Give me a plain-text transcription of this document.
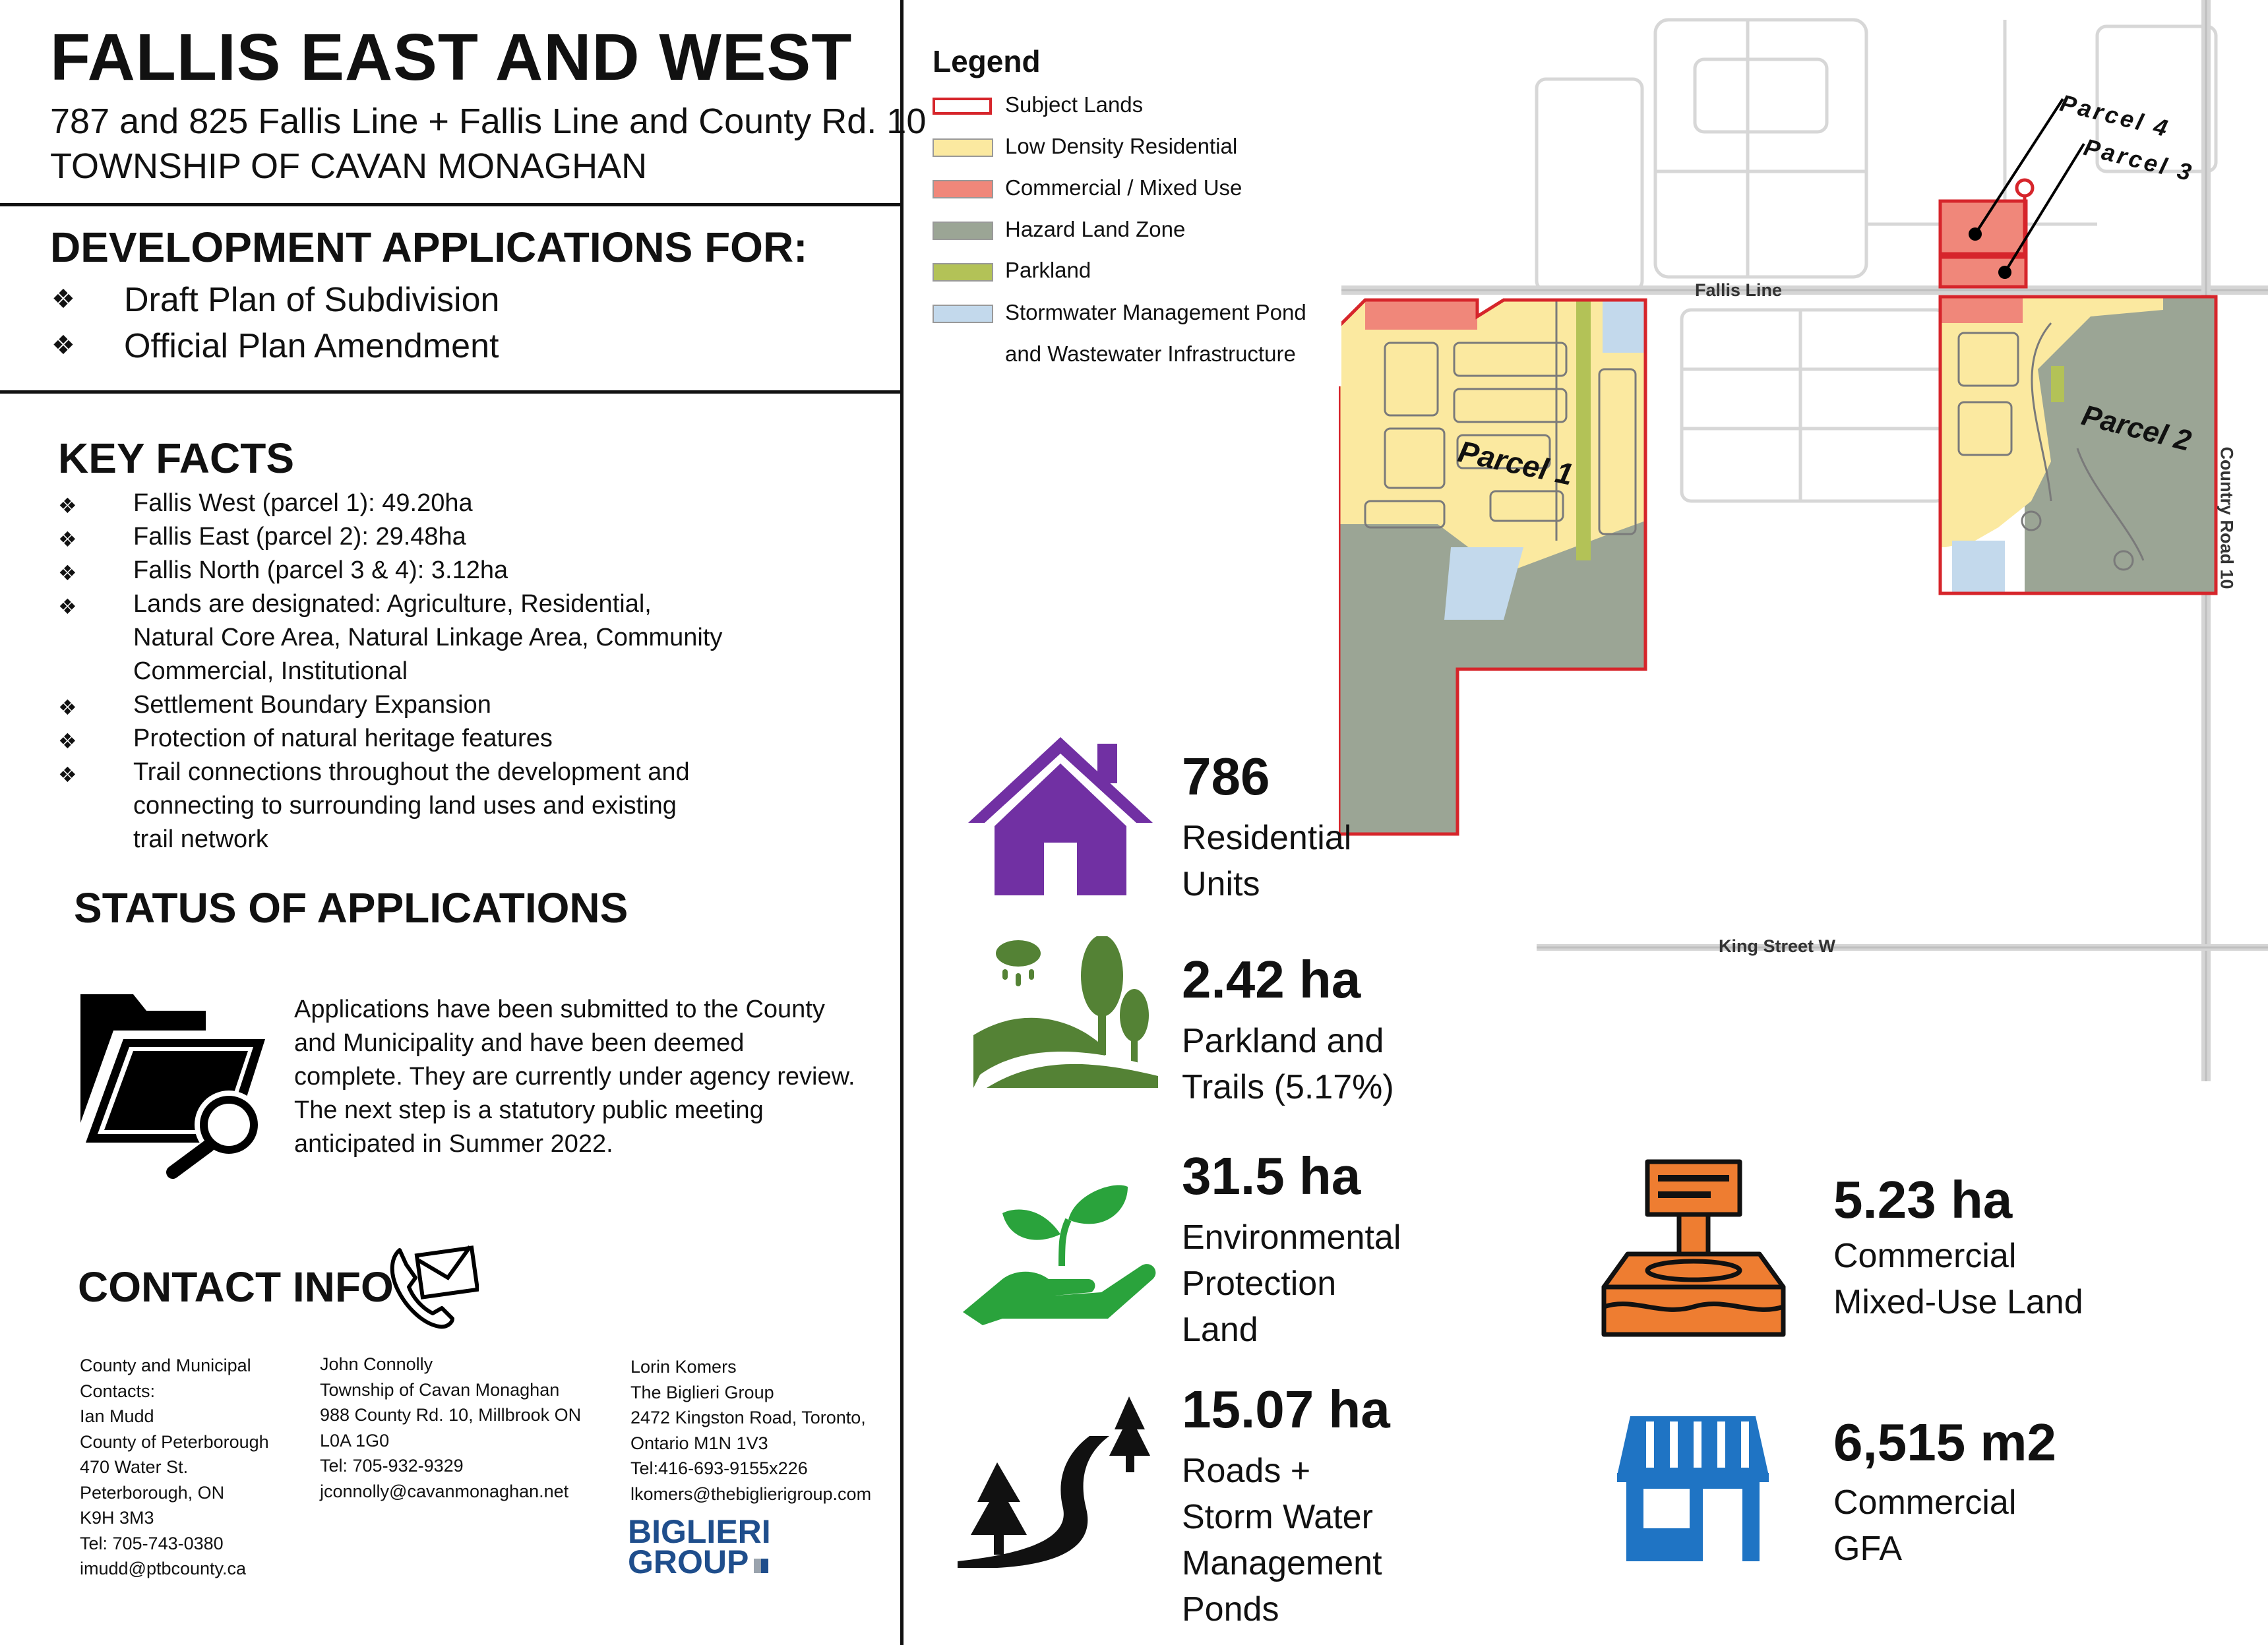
FALLIS EAST AND WEST
787 and 825 Fallis Line + Fallis Line and County Rd. 10
TOWNSHIP OF CAVAN MONAGHAN
DEVELOPMENT APPLICATIONS FOR:
❖ Draft Plan of Subdivision
❖ Official Plan Amendment
KEY FACTS
❖ Fallis West (parcel 1): 49.20ha
❖ Fallis East (parcel 2): 29.48ha
❖ Fallis North (parcel 3 & 4): 3.12ha
❖ Lands are designated: Agriculture, Residential,
Natural Core Area, Natural Linkage Area, Community
Commercial, Institutional
❖ Settlement Boundary Expansion
❖ Protection of natural heritage features
❖ Trail connections throughout the development and
connecting to surrounding land uses and existing
trail network
STATUS OF APPLICATIONS
Applications have been submitted to the County
and Municipality and have been deemed
complete. They are currently under agency review.
The next step is a statutory public meeting
anticipated in Summer 2022.
CONTACT INFO
County and Municipal
Contacts:
Ian Mudd
County of Peterborough
470 Water St.
Peterborough, ON
K9H 3M3
Tel: 705-743-0380
imudd@ptbcounty.ca
John Connolly
Township of Cavan Monaghan
988 County Rd. 10, Millbrook ON
L0A 1G0
Tel: 705-932-9329
jconnolly@cavanmonaghan.net
Lorin Komers
The Biglieri Group
2472 Kingston Road, Toronto,
Ontario M1N 1V3
Tel:416-693-9155x226
lkomers@thebiglierigroup.com
BIGLIERI
GROUP
Fallis Line
King Street W
Country Road 10
Parcel 1
Parcel 2
Parcel 3
Parcel 4
Legend
Subject Lands
Low Density Residential
Commercial / Mixed Use
Hazard Land Zone
Parkland
Stormwater Management Pond
and Wastewater Infrastructure
786
Residential
Units
2.42 ha
Parkland and
Trails (5.17%)
31.5 ha
Environmental
Protection
Land
15.07 ha
Roads +
Storm Water
Management
Ponds
5.23 ha
Commercial
Mixed-Use Land
6,515 m2
Commercial
GFA
